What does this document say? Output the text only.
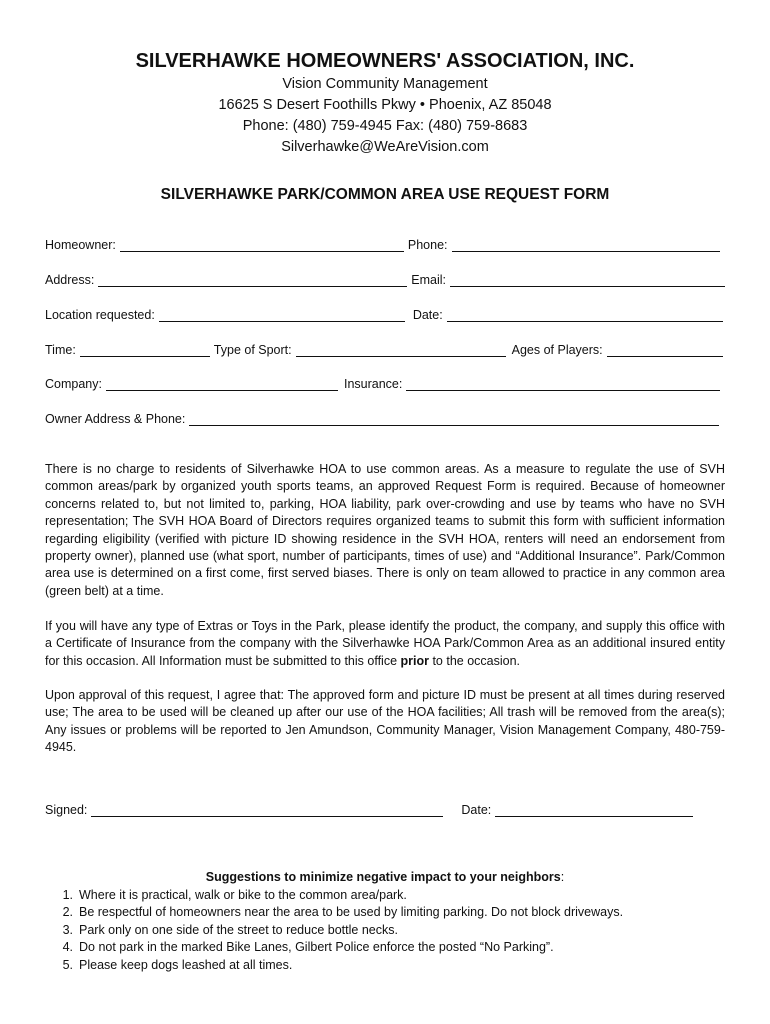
SILVERHAWKE HOMEOWNERS' ASSOCIATION, INC.
Vision Community Management
16625 S Desert Foothills Pkwy • Phoenix, AZ 85048
Phone: (480) 759-4945 Fax: (480) 759-8683
Silverhawke@WeAreVision.com
SILVERHAWKE PARK/COMMON AREA USE REQUEST FORM
Homeowner:	Phone:
Address:	Email:
Location requested:	Date:
Time:	Type of Sport:	Ages of Players:
Company:	Insurance:
Owner Address & Phone:
There is no charge to residents of Silverhawke HOA to use common areas. As a measure to regulate the use of SVH common areas/park by organized youth sports teams, an approved Request Form is required. Because of homeowner concerns related to, but not limited to, parking, HOA liability, park over-crowding and use by teams who have no SVH representation; The SVH HOA Board of Directors requires organized teams to submit this form with sufficient information regarding eligibility (verified with picture ID showing residence in the SVH HOA, renters will need an endorsement from property owner), planned use (what sport, number of participants, times of use) and “Additional Insurance”. Park/Common area use is determined on a first come, first served biases. There is only on team allowed to practice in any common area (green belt) at a time.
If you will have any type of Extras or Toys in the Park, please identify the product, the company, and supply this office with a Certificate of Insurance from the company with the Silverhawke HOA Park/Common Area as an additional insured entity for this occasion. All Information must be submitted to this office prior to the occasion.
Upon approval of this request, I agree that: The approved form and picture ID must be present at all times during reserved use; The area to be used will be cleaned up after our use of the HOA facilities; All trash will be removed from the area(s); Any issues or problems will be reported to Jen Amundson, Community Manager, Vision Management Company, 480-759-4945.
Signed:	Date:
Suggestions to minimize negative impact to your neighbors:
1. Where it is practical, walk or bike to the common area/park.
2. Be respectful of homeowners near the area to be used by limiting parking. Do not block driveways.
3. Park only on one side of the street to reduce bottle necks.
4. Do not park in the marked Bike Lanes, Gilbert Police enforce the posted “No Parking”.
5. Please keep dogs leashed at all times.
